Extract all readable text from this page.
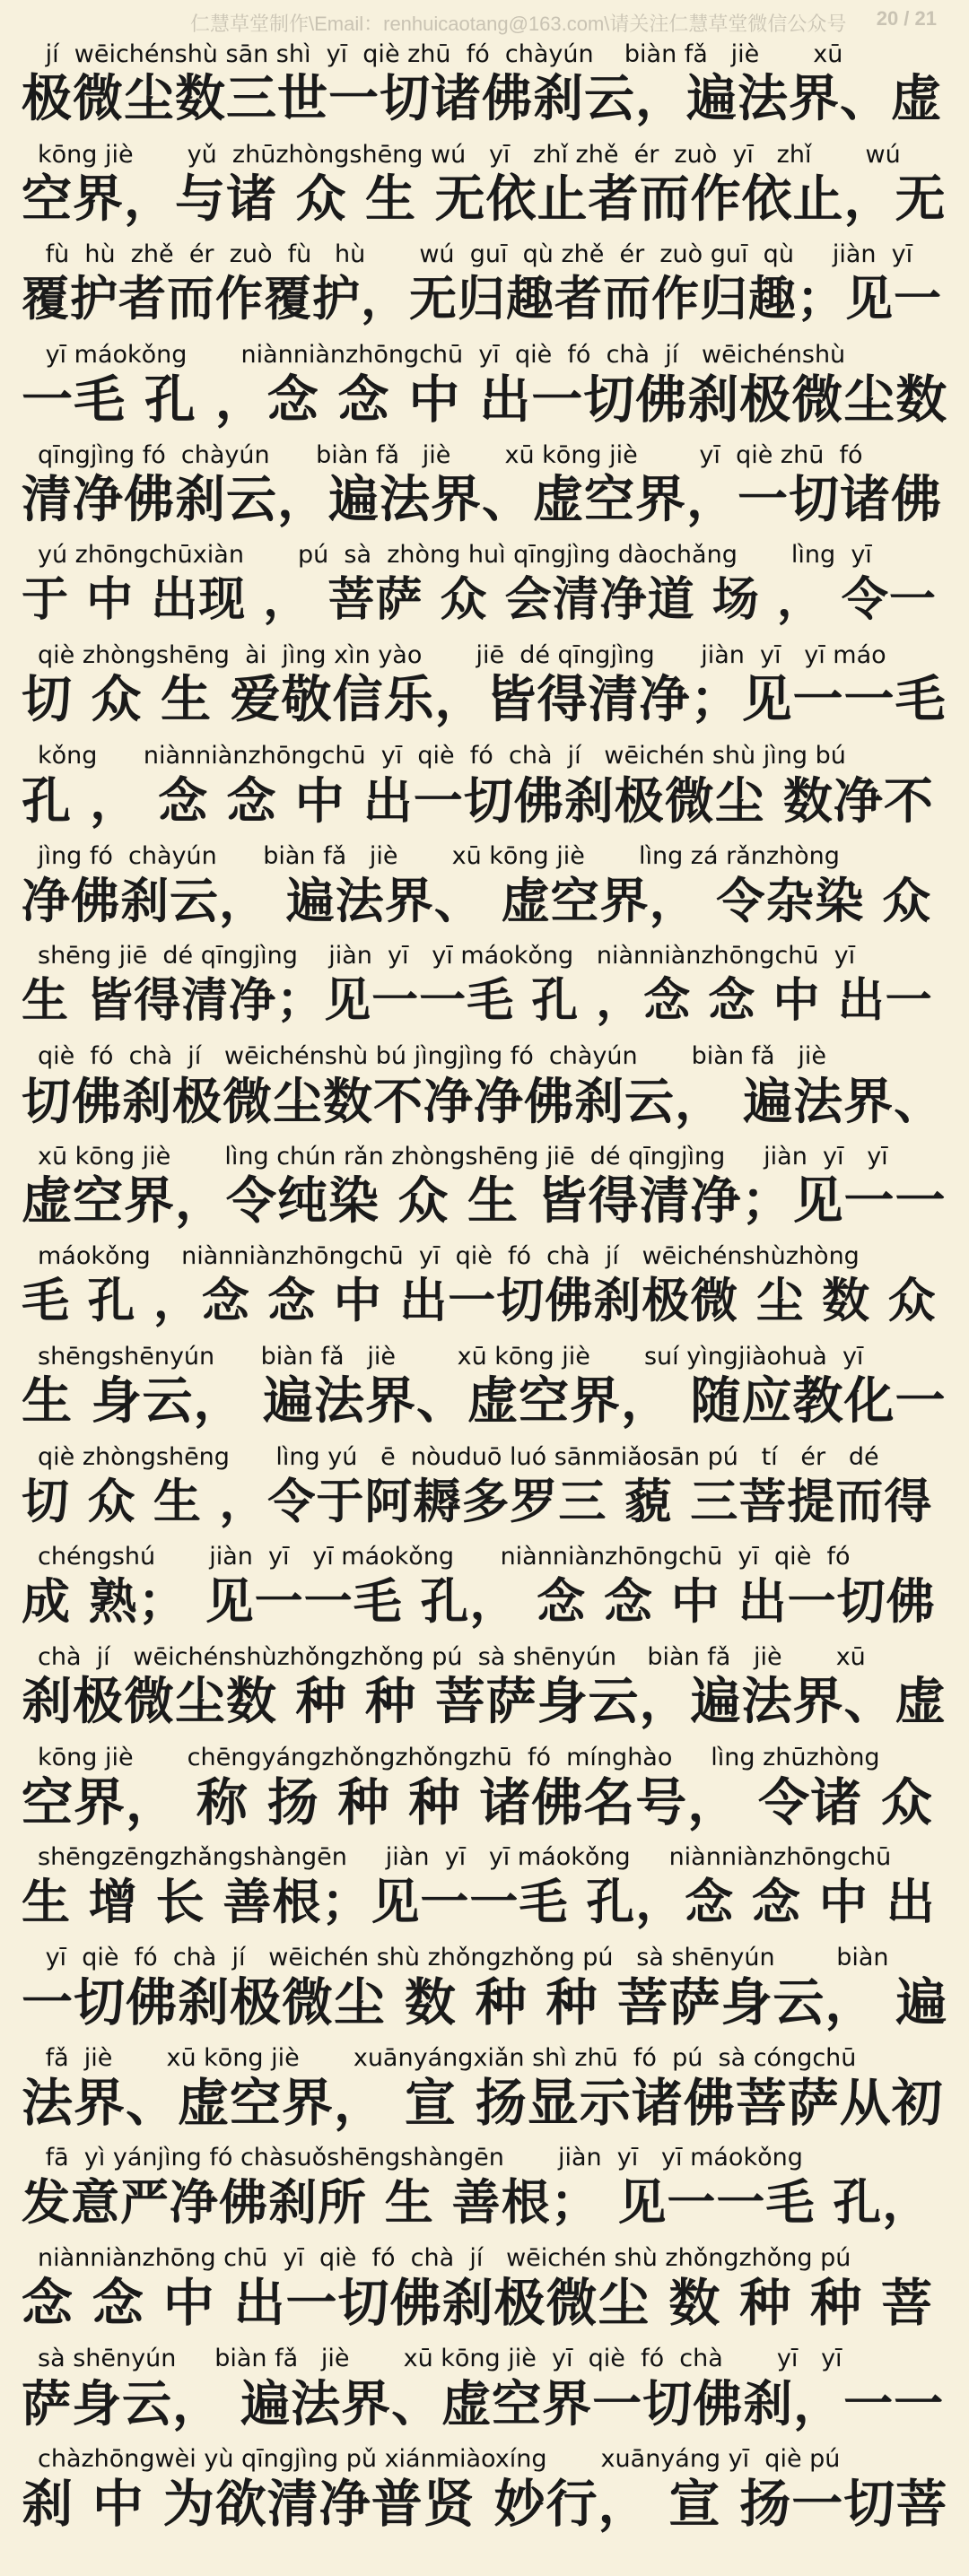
仁慧草堂制作\Email：renhuicaotang@163.com\请关注仁慧草堂微信公众号 20 / 21
jí  wēichénshù sān shì  yī  qiè zhū  fó  chàyún    biàn fǎ   jiè       xū
极微尘数三世一切诸佛刹云，遍法界、虚
kōng jiè       yǔ  zhūzhòngshēng wú   yī   zhǐ zhě  ér  zuò  yī   zhǐ       wú
空界，与诸 众 生 无依止者而作依止，无
fù  hù  zhě  ér  zuò  fù   hù       wú  guī  qù zhě  ér  zuò guī  qù     jiàn  yī
覆护者而作覆护，无归趣者而作归趣；见一
yī máokǒng       niànniànzhōngchū  yī  qiè  fó  chà  jí   wēichénshù
一毛 孔 ，念 念 中 出一切佛刹极微尘数
qīngjìng fó  chàyún      biàn fǎ   jiè       xū kōng jiè        yī  qiè zhū  fó
清净佛刹云，遍法界、虚空界，一切诸佛
yú zhōngchūxiàn       pú  sà  zhòng huì qīngjìng dàochǎng       lìng  yī
于 中 出现 ， 菩萨 众 会清净道 场 ， 令一
qiè zhòngshēng  ài  jìng xìn yào       jiē  dé qīngjìng      jiàn  yī   yī máo
切 众 生 爱敬信乐，皆得清净；见一一毛
kǒng      niànniànzhōngchū  yī  qiè  fó  chà  jí   wēichén shù jìng bú
孔 ， 念 念 中 出一切佛刹极微尘 数净不
jìng fó  chàyún      biàn fǎ   jiè       xū kōng jiè       lìng zá rǎnzhòng
净佛刹云， 遍法界、 虚空界， 令杂染 众
shēng jiē  dé qīngjìng    jiàn  yī   yī máokǒng   niànniànzhōngchū  yī
生 皆得清净；见一一毛 孔 ，念 念 中 出一
qiè  fó  chà  jí   wēichénshù bú jìngjìng fó  chàyún       biàn fǎ   jiè
切佛刹极微尘数不净净佛刹云， 遍法界、
xū kōng jiè       lìng chún rǎn zhòngshēng jiē  dé qīngjìng     jiàn  yī   yī
虚空界，令纯染 众 生 皆得清净；见一一
máokǒng    niànniànzhōngchū  yī  qiè  fó  chà  jí   wēichénshùzhòng
毛 孔 ，念 念 中 出一切佛刹极微 尘 数 众
shēngshēnyún      biàn fǎ   jiè        xū kōng jiè       suí yìngjiàohuà  yī
生 身云， 遍法界、虚空界， 随应教化一
qiè zhòngshēng      lìng yú   ē  nòuduō luó sānmiǎosān pú   tí   ér   dé
切 众 生 ，令于阿耨多罗三 藐 三菩提而得
chéngshú       jiàn  yī   yī máokǒng      niànniànzhōngchū  yī  qiè  fó
成 熟； 见一一毛 孔， 念 念 中 出一切佛
chà  jí   wēichénshùzhǒngzhǒng pú  sà shēnyún    biàn fǎ   jiè       xū
刹极微尘数 种 种 菩萨身云，遍法界、虚
kōng jiè       chēngyángzhǒngzhǒngzhū  fó  mínghào     lìng zhūzhòng
空界， 称 扬 种 种 诸佛名号， 令诸 众
shēngzēngzhǎngshàngēn     jiàn  yī   yī máokǒng     niànniànzhōngchū
生 增 长 善根；见一一毛 孔，念 念 中 出
yī  qiè  fó  chà  jí   wēichén shù zhǒngzhǒng pú   sà shēnyún        biàn
一切佛刹极微尘 数 种 种 菩萨身云， 遍
fǎ  jiè       xū kōng jiè       xuānyángxiǎn shì zhū  fó  pú  sà cóngchū
法界、虚空界， 宣 扬显示诸佛菩萨从初
fā  yì yánjìng fó chàsuǒshēngshàngēn       jiàn  yī   yī máokǒng
发意严净佛刹所 生 善根； 见一一毛 孔，
niànniànzhōng chū  yī  qiè  fó  chà  jí   wēichén shù zhǒngzhǒng pú
念 念 中 出一切佛刹极微尘 数 种 种 菩
sà shēnyún     biàn fǎ   jiè       xū kōng jiè  yī  qiè  fó  chà       yī   yī
萨身云， 遍法界、虚空界一切佛刹，一一
chàzhōngwèi yù qīngjìng pǔ xiánmiàoxíng       xuānyáng yī  qiè pú
刹 中 为欲清净普贤 妙行， 宣 扬一切菩
